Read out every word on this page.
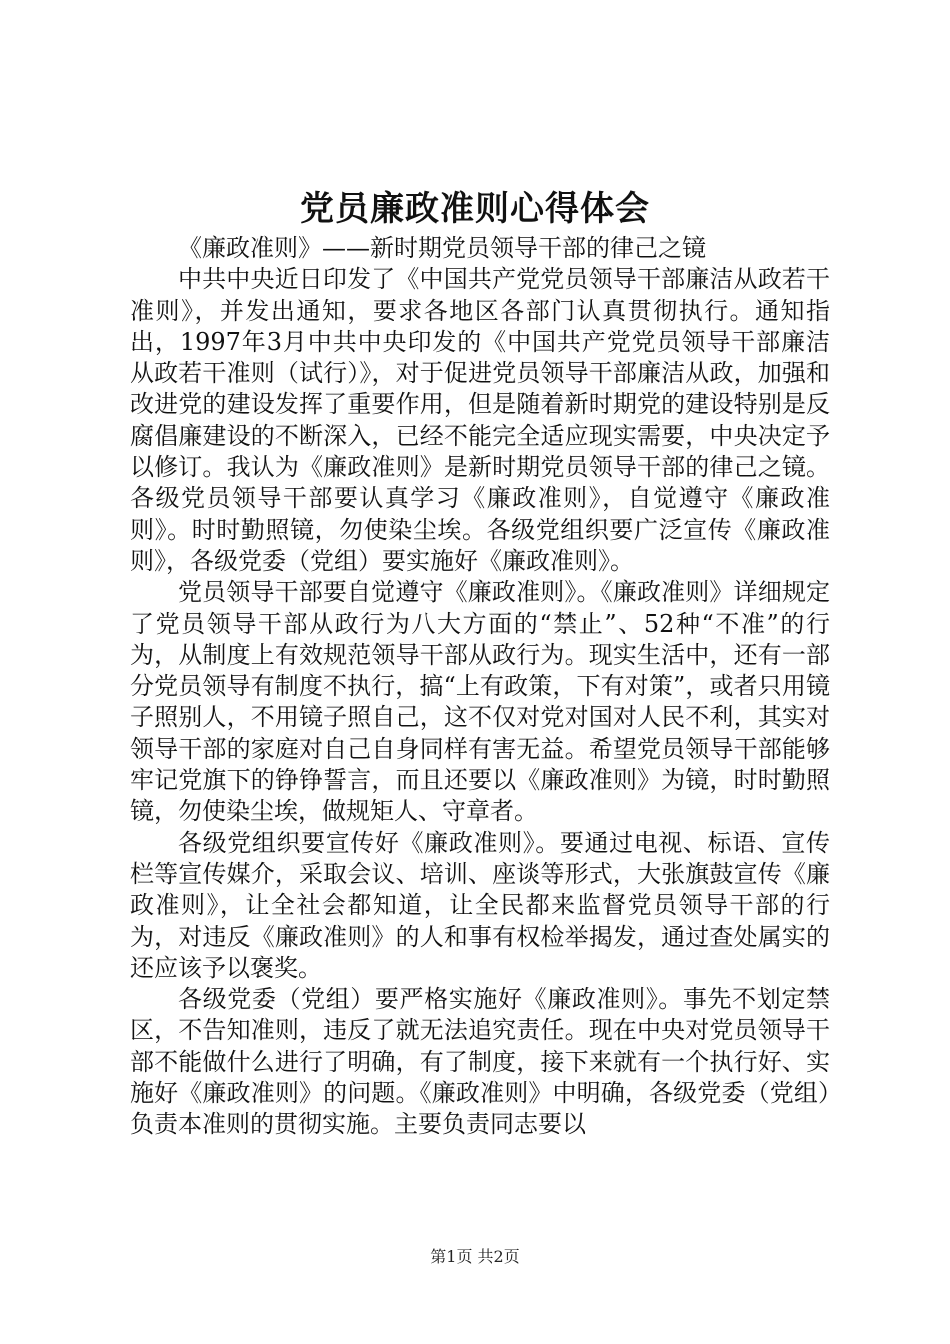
党员廉政准则心得体会

《廉政准则》——新时期党员领导干部的律己之镜

中共中央近日印发了《中国共产党党员领导干部廉洁从政若干准则》，并发出通知，要求各地区各部门认真贯彻执行。通知指出，1997年3月中共中央印发的《中国共产党党员领导干部廉洁从政若干准则（试行）》，对于促进党员领导干部廉洁从政，加强和改进党的建设发挥了重要作用，但是随着新时期党的建设特别是反腐倡廉建设的不断深入，已经不能完全适应现实需要，中央决定予以修订。我认为《廉政准则》是新时期党员领导干部的律己之镜。各级党员领导干部要认真学习《廉政准则》，自觉遵守《廉政准则》。时时勤照镜，勿使染尘埃。各级党组织要广泛宣传《廉政准则》，各级党委（党组）要实施好《廉政准则》。

党员领导干部要自觉遵守《廉政准则》。《廉政准则》详细规定了党员领导干部从政行为八大方面的“禁止”、52种“不准”的行为，从制度上有效规范领导干部从政行为。现实生活中，还有一部分党员领导有制度不执行，搞“上有政策，下有对策”，或者只用镜子照别人，不用镜子照自己，这不仅对党对国对人民不利，其实对领导干部的家庭对自己自身同样有害无益。希望党员领导干部能够牢记党旗下的铮铮誓言，而且还要以《廉政准则》为镜，时时勤照镜，勿使染尘埃，做规矩人、守章者。

各级党组织要宣传好《廉政准则》。要通过电视、标语、宣传栏等宣传媒介，采取会议、培训、座谈等形式，大张旗鼓宣传《廉政准则》，让全社会都知道，让全民都来监督党员领导干部的行为，对违反《廉政准则》的人和事有权检举揭发，通过查处属实的还应该予以褒奖。

各级党委（党组）要严格实施好《廉政准则》。事先不划定禁区，不告知准则，违反了就无法追究责任。现在中央对党员领导干部不能做什么进行了明确，有了制度，接下来就有一个执行好、实施好《廉政准则》的问题。《廉政准则》中明确，各级党委（党组）负责本准则的贯彻实施。主要负责同志要以

第1页 共2页
